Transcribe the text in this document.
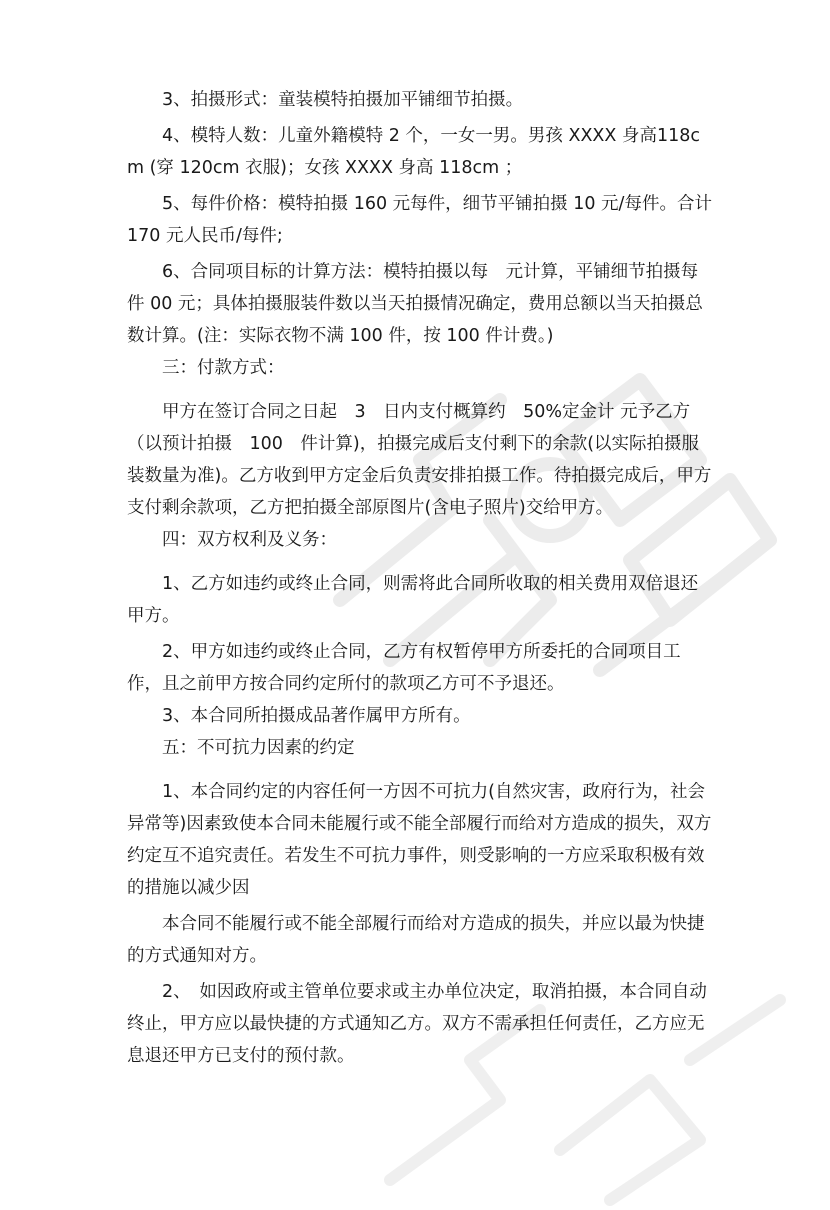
3、拍摄形式：童装模特拍摄加平铺细节拍摄。

4、模特人数：儿童外籍模特 2 个，一女一男。男孩 XXXX 身高118cm (穿 120cm 衣服)；女孩 XXXX 身高 118cm ；

5、每件价格：模特拍摄 160 元每件，细节平铺拍摄 10 元/每件。合计 170 元人民币/每件;

6、合同项目标的计算方法：模特拍摄以每　元计算，平铺细节拍摄每件 00 元；具体拍摄服装件数以当天拍摄情况确定，费用总额以当天拍摄总数计算。(注：实际衣物不满 100 件，按 100 件计费。)

三：付款方式：

甲方在签订合同之日起　3　日内支付概算约　50%定金计 元予乙方（以预计拍摄　100　件计算)，拍摄完成后支付剩下的余款(以实际拍摄服装数量为准)。乙方收到甲方定金后负责安排拍摄工作。待拍摄完成后，甲方支付剩余款项，乙方把拍摄全部原图片(含电子照片)交给甲方。

四：双方权利及义务：

1、乙方如违约或终止合同，则需将此合同所收取的相关费用双倍退还甲方。

2、甲方如违约或终止合同，乙方有权暂停甲方所委托的合同项目工作，且之前甲方按合同约定所付的款项乙方可不予退还。

3、本合同所拍摄成品著作属甲方所有。

五：不可抗力因素的约定

1、本合同约定的内容任何一方因不可抗力(自然灾害，政府行为，社会异常等)因素致使本合同未能履行或不能全部履行而给对方造成的损失，双方约定互不追究责任。若发生不可抗力事件，则受影响的一方应采取积极有效的措施以减少因

本合同不能履行或不能全部履行而给对方造成的损失，并应以最为快捷的方式通知对方。

2、　如因政府或主管单位要求或主办单位决定，取消拍摄，本合同自动终止，甲方应以最快捷的方式通知乙方。双方不需承担任何责任，乙方应无息退还甲方已支付的预付款。
